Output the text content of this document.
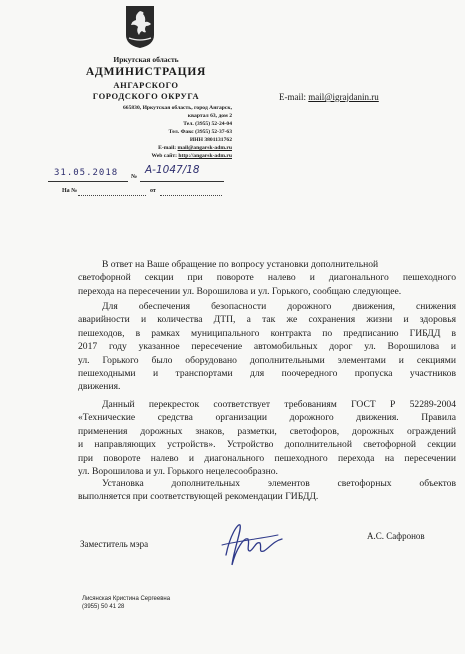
Иркутская область
АДМИНИСТРАЦИЯ
АНГАРСКОГО
ГОРОДСКОГО ОКРУГА
665830, Иркутская область, город Ангарск,
квартал 63, дом 2
Тел. (3955) 52-24-04
Тел. Факс (3955) 52-37-63
ИНН 3801131762
E-mail: mail@angarsk-adm.ru
Web сайт: http://angarsk-adm.ru
31.05.2018 №
А-1047/18
На №	от
E-mail: mail@igrajdanin.ru
В ответ на Ваше обращение по вопросу установки дополнительной
светофорной секции при повороте налево и диагонального пешеходного
перехода на пересечении ул. Ворошилова и ул. Горького, сообщаю следующее.
Для обеспечения безопасности дорожного движения, снижения
аварийности и количества ДТП, а так же сохранения жизни и здоровья
пешеходов, в рамках муниципального контракта по предписанию ГИБДД в
2017 году указанное пересечение автомобильных дорог ул. Ворошилова и
ул. Горького было оборудовано дополнительными элементами и секциями
пешеходными и транспортами для поочередного пропуска участников
движения.
Данный перекресток соответствует требованиям ГОСТ Р 52289-2004
«Технические средства организации дорожного движения. Правила
применения дорожных знаков, разметки, светофоров, дорожных ограждений
и направляющих устройств». Устройство дополнительной светофорной секции
при повороте налево и диагонального пешеходного перехода на пересечении
ул. Ворошилова и ул. Горького нецелесообразно.
Установка дополнительных элементов светофорных объектов
выполняется при соответствующей рекомендации ГИБДД.
Заместитель мэра
А.С. Сафронов
Лисянская Кристина Сергеевна
(3955) 50 41 28
